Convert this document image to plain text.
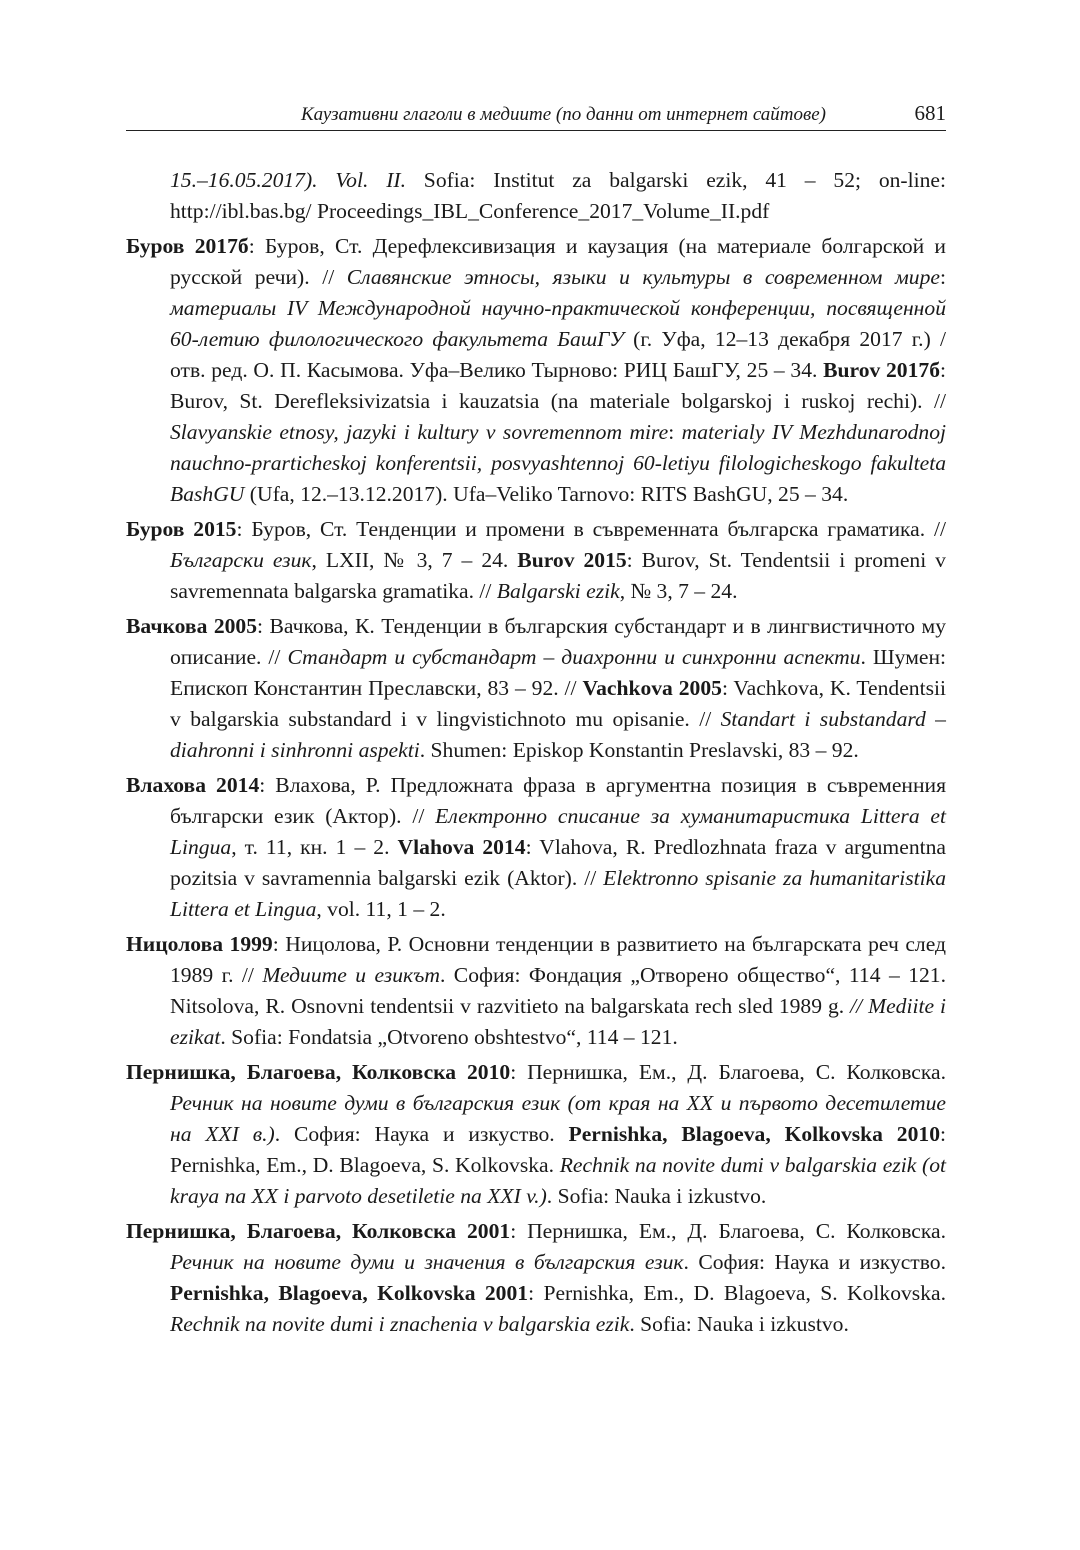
Каузативни глаголи в медиите (по данни от интернет сайтове)	681

15.–16.05.2017). Vol. II. Sofia: Institut za balgarski ezik, 41 – 52; on-line: http://ibl.bas.bg/ Proceedings_IBL_Conference_2017_Volume_II.pdf

Буров 2017б: Буров, Ст. Дерефлексивизация и каузация (на материале болгарской и русской речи). // Славянские этносы, языки и культуры в современном мире: материалы IV Международной научно-практической конференции, посвященной 60-летию филологического факультета БашГУ (г. Уфа, 12–13 декабря 2017 г.) / отв. ред. О. П. Касымова. Уфа–Велико Тырново: РИЦ БашГУ, 25 – 34. Burov 2017б: Burov, St. Derefleksivizatsia i kauzatsia (na materiale bolgarskoj i ruskoj rechi). // Slavyanskie etnosy, jazyki i kultury v sovremennom mire: materialy IV Mezhdunarodnoj nauchno-prarticheskoj konferentsii, posvyashtennoj 60-letiyu filologicheskogo fakulteta BashGU (Ufa, 12.–13.12.2017). Ufa–Veliko Tarnovo: RITS BashGU, 25 – 34.

Буров 2015: Буров, Ст. Тенденции и промени в съвременната българска граматика. // Български език, LXII, № 3, 7 – 24. Burov 2015: Burov, St. Tendentsii i promeni v savremennata balgarska gramatika. // Balgarski ezik, № 3, 7 – 24.

Вачкова 2005: Вачкова, К. Тенденции в българския субстандарт и в лингвистичното му описание. // Стандарт и субстандарт – диахронни и синхронни аспекти. Шумен: Епископ Константин Преславски, 83 – 92. // Vachkova 2005: Vachkova, K. Tendentsii v balgarskia substandard i v lingvistichnoto mu opisanie. // Standart i substandard – diahronni i sinhronni aspekti. Shumen: Episkop Konstantin Preslavski, 83 – 92.

Влахова 2014: Влахова, Р. Предложната фраза в аргументна позиция в съвременния български език (Актор). // Електронно списание за хуманитаристика Littera et Lingua, т. 11, кн. 1 – 2. Vlahova 2014: Vlahova, R. Predlozhnata fraza v argumentna pozitsia v savramennia balgarski ezik (Aktor). // Elektronno spisanie za humanitaristika Littera et Lingua, vol. 11, 1 – 2.

Ницолова 1999: Ницолова, Р. Основни тенденции в развитието на българската реч след 1989 г. // Медиите и езикът. София: Фондация „Отворено общество“, 114 – 121. Nitsolova, R. Osnovni tendentsii v razvitieto na balgarskata rech sled 1989 g. // Mediite i ezikat. Sofia: Fondatsia „Otvoreno obshtestvo“, 114 – 121.

Пернишка, Благоева, Колковска 2010: Пернишка, Ем., Д. Благоева, С. Колковска. Речник на новите думи в българския език (от края на XX и първото десетилетие на XXI в.). София: Наука и изкуство. Pernishka, Blagoeva, Kolkovska 2010: Pernishka, Em., D. Blagoeva, S. Kolkovska. Rechnik na novite dumi v balgarskia ezik (ot kraya na XX i parvoto desetiletie na XXI v.). Sofia: Nauka i izkustvo.

Пернишка, Благоева, Колковска 2001: Пернишка, Ем., Д. Благоева, С. Колковска. Речник на новите думи и значения в българския език. София: Наука и изкуство. Pernishka, Blagoeva, Kolkovska 2001: Pernishka, Em., D. Blagoeva, S. Kolkovska. Rechnik na novite dumi i znachenia v balgarskia ezik. Sofia: Nauka i izkustvo.
